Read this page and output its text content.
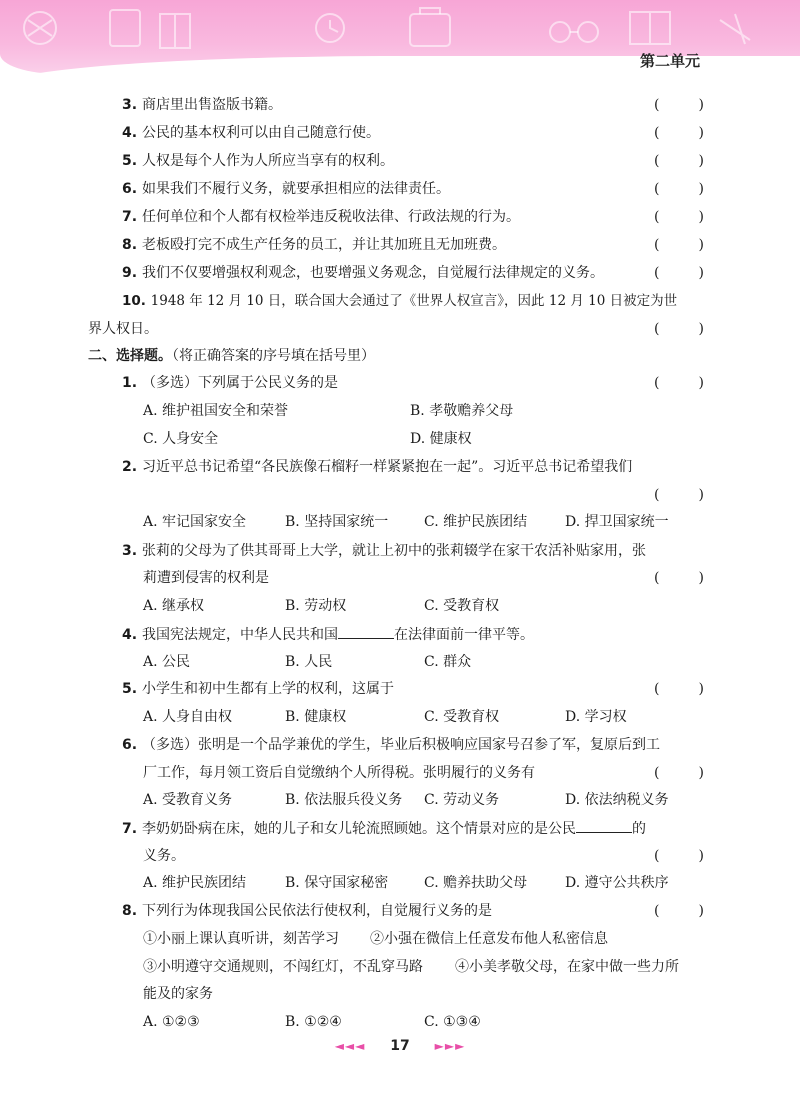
第二单元
3. 商店里出售盗版书籍。	(	)
4. 公民的基本权利可以由自己随意行使。	(	)
5. 人权是每个人作为人所应当享有的权利。	(	)
6. 如果我们不履行义务，就要承担相应的法律责任。	(	)
7. 任何单位和个人都有权检举违反税收法律、行政法规的行为。	(	)
8. 老板殴打完不成生产任务的员工，并让其加班且无加班费。	(	)
9. 我们不仅要增强权利观念，也要增强义务观念，自觉履行法律规定的义务。	(	)
10. 1948 年 12 月 10 日，联合国大会通过了《世界人权宣言》，因此 12 月 10 日被定为世
界人权日。	(	)
二、选择题。（将正确答案的序号填在括号里）
1. （多选）下列属于公民义务的是	(	)
A. 维护祖国安全和荣誉	B. 孝敬赡养父母
C. 人身安全	D. 健康权
2. 习近平总书记希望“各民族像石榴籽一样紧紧抱在一起”。习近平总书记希望我们
(	)
A. 牢记国家安全	B. 坚持国家统一	C. 维护民族团结	D. 捍卫国家统一
3. 张莉的父母为了供其哥哥上大学，就让上初中的张莉辍学在家干农活补贴家用，张
莉遭到侵害的权利是	(	)
A. 继承权	B. 劳动权	C. 受教育权
4. 我国宪法规定，中华人民共和国	在法律面前一律平等。
A. 公民	B. 人民	C. 群众
5. 小学生和初中生都有上学的权利，这属于	(	)
A. 人身自由权	B. 健康权	C. 受教育权	D. 学习权
6. （多选）张明是一个品学兼优的学生，毕业后积极响应国家号召参了军，复原后到工
厂工作，每月领工资后自觉缴纳个人所得税。张明履行的义务有	(	)
A. 受教育义务	B. 依法服兵役义务 C. 劳动义务	D. 依法纳税义务
7. 李奶奶卧病在床，她的儿子和女儿轮流照顾她。这个情景对应的是公民	的
义务。	(	)
A. 维护民族团结	B. 保守国家秘密	C. 赡养扶助父母	D. 遵守公共秩序
8. 下列行为体现我国公民依法行使权利，自觉履行义务的是	(	)
①小丽上课认真听讲，刻苦学习 ②小强在微信上任意发布他人私密信息
③小明遵守交通规则，不闯红灯，不乱穿马路 ④小美孝敬父母，在家中做一些力所
能及的家务
A. ①②③	B. ①②④	C. ①③④
◄◄◄ 17 ►►►
